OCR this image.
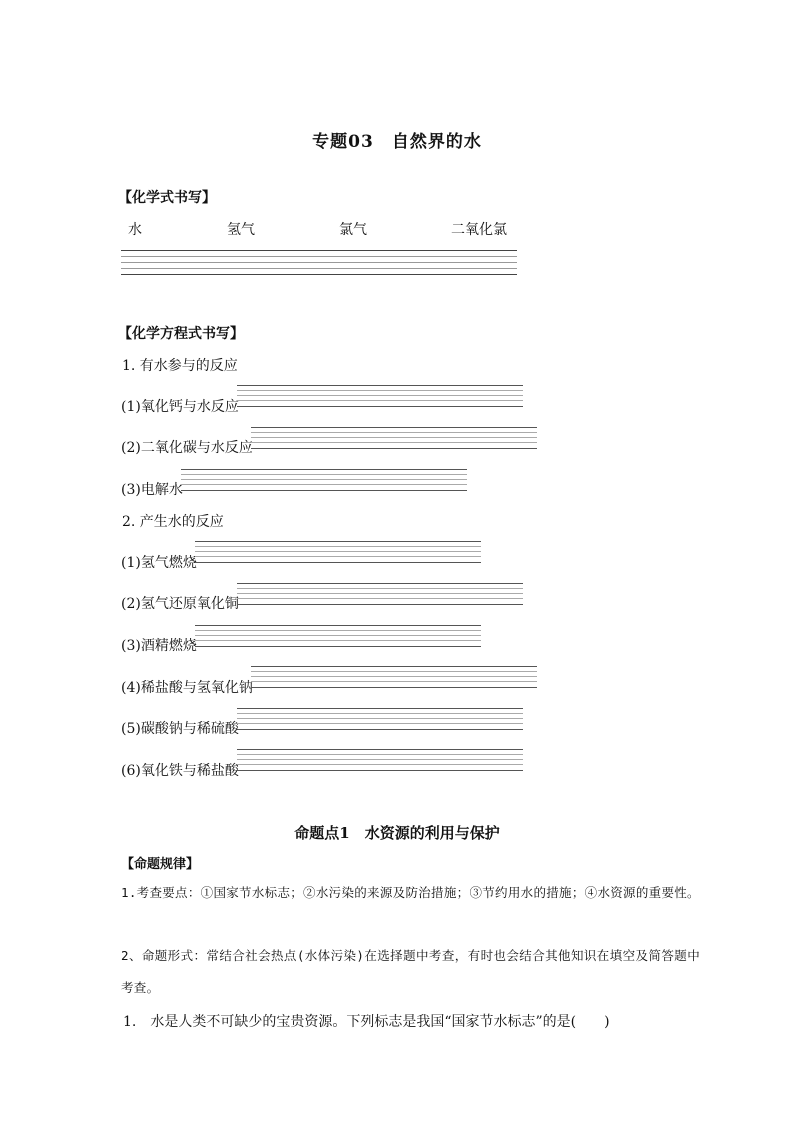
专题03　自然界的水
【化学式书写】
水	氢气	氯气	二氧化氯
【化学方程式书写】
1. 有水参与的反应
(1)氧化钙与水反应
(2)二氧化碳与水反应
(3)电解水
2. 产生水的反应
(1)氢气燃烧
(2)氢气还原氧化铜
(3)酒精燃烧
(4)稀盐酸与氢氧化钠
(5)碳酸钠与稀硫酸
(6)氧化铁与稀盐酸
命题点1　水资源的利用与保护
【命题规律】
1.考查要点：①国家节水标志；②水污染的来源及防治措施；③节约用水的措施；④水资源的重要性。
2、命题形式：常结合社会热点(水体污染)在选择题中考查，有时也会结合其他知识在填空及简答题中考查。
1.　水是人类不可缺少的宝贵资源。下列标志是我国“国家节水标志”的是(　　)
